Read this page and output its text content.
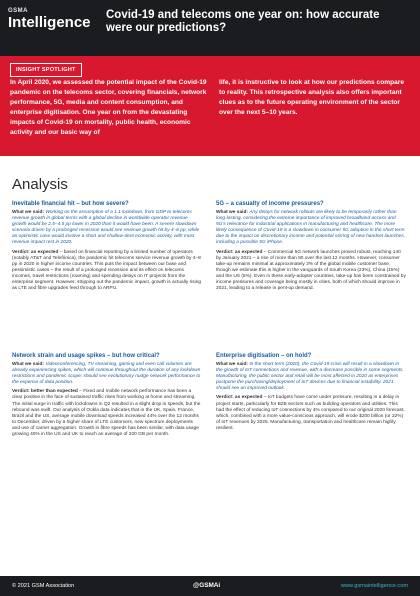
GSMA
Intelligence Covid-19 and telecoms one year on: how accurate were our predictions?
INSIGHT SPOTLIGHT
In April 2020, we assessed the potential impact of the Covid-19 pandemic on the telecoms sector, covering financials, network performance, 5G, media and content consumption, and enterprise digitisation. One year on from the devastating impacts of Covid-19 on mortality, public health, economic activity and our basic way of
life, it is instructive to look at how our predictions compare to reality. This retrospective analysis also offers important clues as to the future operating environment of the sector over the next 5–10 years.
Analysis
Inevitable financial hit – but how severe?
What we said: Working on the assumption of a 1.1 lockdown, from GDP to telecoms revenue growth in global terms with a global decline in worldwide operator revenue growth would be 2.5–4.5 pp lower in 2020 than it would have been. A severe slowdown scenario driven by a prolonged recession would see revenue growth hit by 4–6 pp, while an optimistic case would involve a short and shallow-dent economic activity, with most revenue impact rest in 2020.
Verdict: as expected – based on financial reporting by a limited number of operators (notably AT&T and Telefónica), the pandemic hit telecoms service revenue growth by 4–8 pp in 2020 in higher income countries. This puts the impact between our base and pessimistic cases – the result of a prolonged recession and its effect on telecoms incomes, travel restrictions (roaming) and spending delays on IT projects from the enterprise segment. However, stripping out the pandemic impact, growth is actually rising as LTE and fibre upgrades feed through to ARPU.
Network strain and usage spikes – but how critical?
What we said: Videoconferencing, TV streaming, gaming and even call volumes are already experiencing spikes, which will continue throughout the duration of any lockdown restrictions and pandemic scope; should see evolutionary nudge network performance to the expense of data position.
Verdict: better than expected – Fixed and mobile network performance has been a clear positive in the face of sustained traffic rises from working at home and streaming. The initial surge in traffic with lockdowns in Q2 resulted in a slight drop in speeds, but the rebound was swift. Our analysis of Ookla data indicates that in the UK, Spain, France, Brazil and the US, average mobile download speeds increased 44% over the 12 months to December, driven by a higher share of LTE customers, new spectrum deployments and use of carrier aggregation. Growth in fibre speeds has been similar, with data usage growing 40% in the US and UK to reach an average of 320 GB per month.
5G – a casualty of income pressures?
What we said: Any delays for network rollouts are likely to be temporarily rather than long-lasting, considering the extreme importance of improved broadband access and 5G's relevance for industrial applications in manufacturing and healthcare. The more likely consequence of Covid-19 is a slowdown in consumer 5G adoption in the short term due to the impact on discretionary income and potential stirring of new handset launches, including a possible 5G iPhone.
Verdict: as expected – Commercial 5G network launches proved robust, reaching 140 by January 2021 – a rise of more than 80 over the last 12 months. However, consumer take-up remains minimal at approximately 3% of the global mobile customer base, though we estimate this is higher in the vanguards of South Korea (23%), China (15%) and the US (5%). Even in these early-adopter countries, take-up has been constrained by income pressures and coverage being mostly in cities, both of which should improve in 2021, leading to a release in pent-up demand.
Enterprise digitisation – on hold?
What we said: In the short term (2020), the Covid-19 crisis will result in a slowdown in the growth of IoT connections and revenue, with a decrease possible in some segments. Manufacturing, the public sector and retail will be most affected in 2020 as enterprises postpone the purchasing/deployment of IoT devices due to financial instability. 2021 should see an improved outlook.
Verdict: as expected – IoT budgets have come under pressure, resulting in a delay in project starts, particularly for B2B sectors such as building operators and utilities. This had the effect of reducing IoT connections by 4% compared to our original 2020 forecast, which, combined with a more value-conscious approach, will erode $200 billion (or 22%) of IoT revenues by 2025. Manufacturing, transportation and healthcare remain highly resilient.
© 2021 GSM Association	@GSMAi	www.gsmaintelligence.com
